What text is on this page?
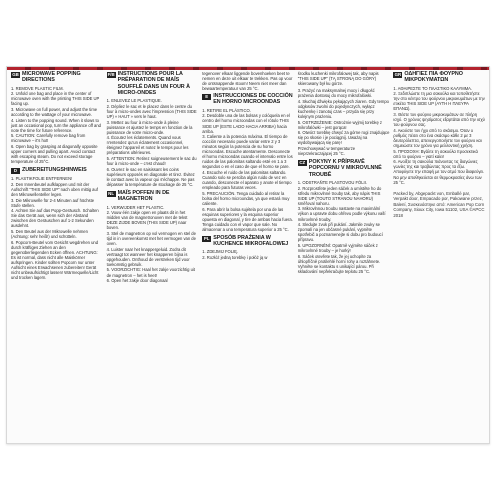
GB MICROWAVE POPPING DIRECTIONS
1. REMOVE PLASTIC FILM.
2. Unfold one bag and place in the center of microwave oven with the printing THIS SIDE UP facing up.
3. Microwave on full power, and adjust the time according to the wattage of your microwave.
4. Listen to the popping sound. When it slows to just an occasional pop, turn the appliance off and note the time for future reference.
5. CAUTION: Carefully remove bag from microwave – it's hot!
6. Open bag by grasping at diagonally opposite upper corners and pulling apart. Avoid contact with escaping steam. Do not exceed storage temperature of 25°C.
D ZUBEREITUNGSHINWEIS
1. PLASTIKFOLIE ENTFERNEN!
2. Den Innenbeutel aufklappen und mit der Aufschrift "THIS SIDE UP" nach oben mittig auf den Mikrowellenteller legen.
3. Die Mikrowelle für 2-4 Minuten auf höchste Stufe stellen.
4. Achten Sie auf das Popp-Geräusch. Schalten Sie das Gerät aus, wenn sich der Abstand zwischen den Geräuschen auf 1-2 Sekunden ausdehnt.
5. Den Beutel aus der Mikrowelle nehmen (Achtung: sehr heiß!) und schütteln.
6. Popcorn-Beutel vom Gesicht wegdrehen und durch kräftiges Ziehen an den gegenüberliegenden Ecken öffnen. ACHTUNG: Es ist normal, dass nicht alle Maiskörner aufspringen. Kinder sollten Popcorn nur unter Aufsicht eines Erwachsenen zubereiten! Gerät nicht unbeaufsichtigt lassen! Wärmequelle/Licht und trocken lagern.
F/B INSTRUCTIONS POUR LA PRÉPARATION DE MAÏS SOUFFLÉ DANS UN FOUR À MICRO-ONDES
1. ENLEVEZ LE PLASTIQUE.
2. Dépliez le sac et le placez dans le centre du four à micro-ondes avec l'impression (THIS SIDE UP) « HAUT » vers le haut.
3. Mettez au four à micro-onde à pleine puissance et ajustez le temps en fonction de la puissance de votre micro-onde.
4. Écoutez les éclatements. Quand vous n'entendez qu'un éclatement occasionnel, éteignez l'appareil et notez le temps pour les préparations ultérieures.
5. ATTENTION: Retirez soigneusement le sac du four à micro-onde – c'est chaud!
6. Ouvrez le sac en saisissant les coins supérieurs opposés en diagonale et tirez. Évitez le contact avec la vapeur qui s'échappe. Ne pas dépasser la température de stockage de 25 °C.
NL MAÏS POFFEN IN DE MAGNETRON
1. VERWIJDER HET PLASTIC.
2. Vouw één zakje open en plaats dit in het midden van de magnetronoven met de tekst DEZE ZIJDE BOVEN (THIS SIDE UP) naar boven.
3. Stel de magnetron op vol vermogen en stel de tijd in in overeenkomst met het vermogen van de oven.
4. Luister naar het knappergeluid. Zodra dit vertraagt tot wanneer het knapperen bijna is opgehouden. Onthoud de verstreken tijd voor toekomstig gebruik.
5. VOORZICHTIG: Haal het zakje voorzichtig uit de magnetron – het is heet!
6. Open het zakje door diagonaal

tegenover elkaar liggende bovenhoeken beet te nemen en deze uit elkaar te trekken. Pas op voor de ontsnappende stoom! Neem niet meer dan bewaartemperatuur van 25 °C.

E INSTRUCCIONES DE COCCIÓN EN HORNO MICROONDAS
1. RETIRE EL PLÁSTICO.
2. Desdoble una de las bolsas y colóquela en el centro del horno microondas con el rótulo THIS SIDE UP (ESTE LADO HACIA ARRIBA) hacia arriba.
3. Caliente a la potencia máxima. El tiempo de cocción necesario puede variar entre 2 y 3 minutos según la potencia de su horno microondas. Escuche atentamente. Desconecte el horno microondas cuando el intervalo entre los ruidos de las palomitas saltando esté en 1 a 3 segundos o en el caso de que el horno se pare.
4. Escuche el ruido de las palomitas saltando. Cuando solo se perciba algún ruido de vez en cuando, desconecte el aparato y anote el tiempo empleado para futuras veces.
5. PRECAUCIÓN. Tenga cuidado al retirar la bolsa del horno microondas, ya que estará muy caliente.
6. Para abrir la bolsa sujétela por una de las esquinas superiores y la esquina superior opuesta en diagonal, y tire de ambas hacia fuera. Tenga cuidado con el vapor que sale. No almacenar a una temperatura superior a 25 °C.
PL SPOSÓB PRAŻENIA W KUCHENCE MIKROFALOWEJ
1. ZDEJMIJ FOLIĘ.
2. Rozłóż jedną torebkę i połóż ją w

środku kuchenki mikrofalowej tak, aby napis "THIS SIDE UP" (TĄ STRONĄ DO GÓRY) skierowany był ku górze.

3. Prażyć na maksymalnej mocy i długość prażenia dostosuj do mocy mikrofalówki.
4. Słuchaj dźwięku pękających ziaren. Gdy tempo odgłosów zwolni do pojedynczych, wyłącz kuchenkę i zanotuj czas – przyda się przy kolejnym prażeniu.
5. OSTRZEŻENIE: Ostrożnie wyjmij torebkę z mikrofalówki – jest gorąca!
6. Otwórz torebkę chwyć za górne rogi znajdujące się po skosie i je pociągnij. Uważaj na wydobywającą się parę!
Przechowywać w temperaturze nieprzekraczającej 25 °C.
CZ POKYNY K PŘÍPRAVĚ POPCORNU V MIKROVLNNÉ TROUBĚ
1. ODSTRAŇTE PLASTOVOU FÓLII.
2. Rozprostřete jeden sáček a umístěte ho do středu mikrovlnné trouby tak, aby nápis THIS SIDE UP (TOUTO STRANOU NAHORU) směřoval nahoru.
3. Mikrovlnnou troubu nastavte na maximální výkon a upravte dobu ohřevu podle výkonu vaší mikrovlnné trouby.
4. Sledujte zvuk při pukání. Jakmile zvuky se zpomalí na jen občasné pukání, vypněte spotřebič a poznamenejte si dobu pro budoucí přípravu.
5. UPOZORNĚNÍ: Opatrně vyjměte sáček z mikrovlnné trouby – je horký!
6. Sáček otevřete tak, že jej uchopíte za úhlopříčně protilehlé horní rohy a roztáhnete. Vyhněte se kontaktu s unikající párou. Při skladování nepřekračujte teplotu 25 °C.
GR ΟΔΗΓΙΕΣ ΠΙΑ ΦΟΥΡΝΟ ΜΙΚΡΟΚΥΜΑΤΩΝ
1. ΑΦΑΙΡΕΣΤΕ ΤΟ ΠΛΑΣΤΙΚΟ ΚΑΛΥΜΜΑ.
2. Ξεδιπλώστε τη μια σακούλα και τοποθετήστε την στο κέντρο του φούρνου μικροκυμάτων με την ετικέτα THIS SIDE UP (ΑΥΤΗ Η ΠΛΕΥΡΑ ΕΠΑΝΩ).
3. Θέστε τον φούρνο μικροκυμάτων σε πλήρη ισχύ. Ο χρόνος ψησίματος εξαρτάται από την ισχύ του φούρνου σας.
4. Ακούστε τον ήχο από το σκάσιμο. Όταν ο ρυθμός πέσει στο ένα σκάσιμο κάθε 2 με 3 δευτερόλεπτα, απενεργοποιήστε τον φούρνο και σημειώστε τον χρόνο για μελλοντική χρήση.
5. ΠΡΟΣΟΧΗ: Βγάλτε τη σακούλα προσεκτικά από το φούρνο – γιατί καίει!
6. Ανοίξτε τη σακούλα πιάνοντας τις διαγώνιες γωνίες της και τραβώντας προς τα έξω. Αποφύγετε την επαφή με τον ατμό που διαφεύγει.
Να μην αποθηκεύεται σε θερμοκρασίες άνω των 25 °C.

Packed by, Abgepackt von, Emballé par, Verpakt door, Empacado por, Pakowane przez, Balení, Συσκευάστηκε από: American Pop Corn Company, Sioux City, Iowa 51102, USA ©APCC 2018
